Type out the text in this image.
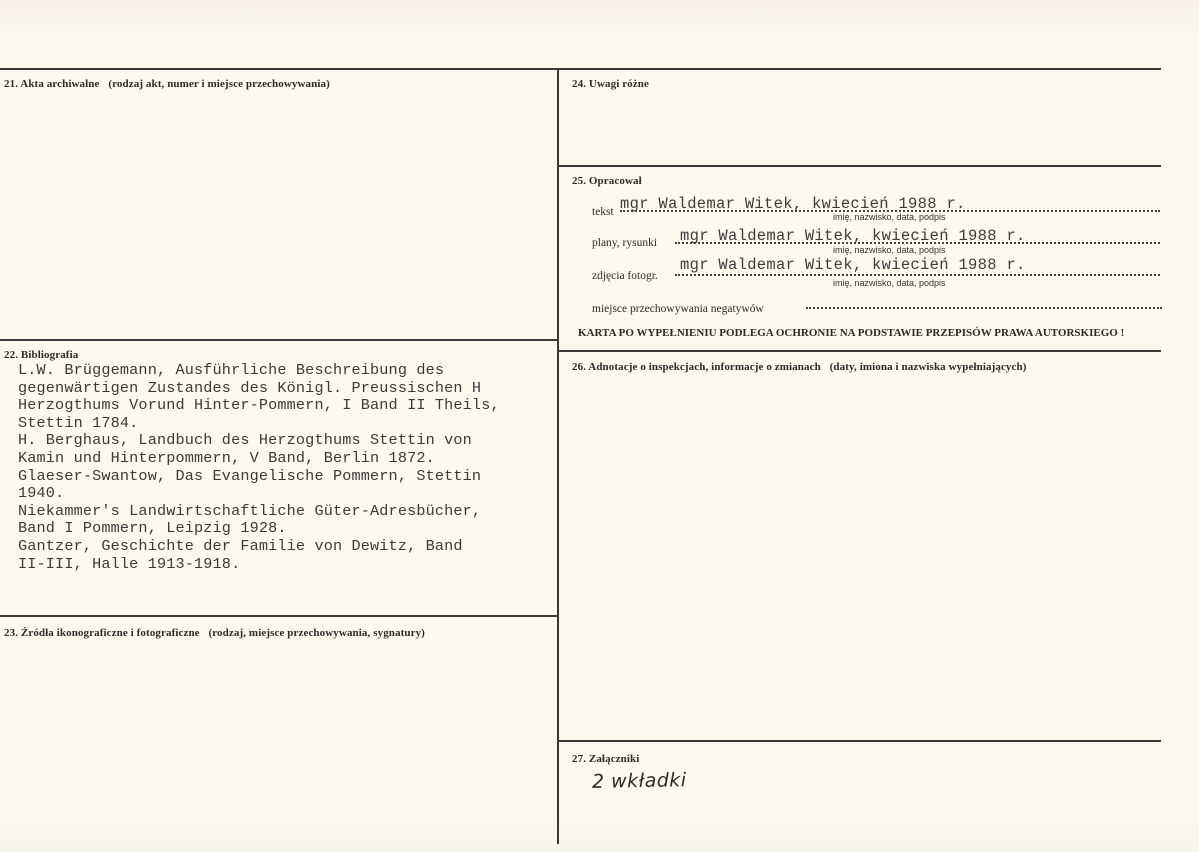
21. Akta archiwalne (rodzaj akt, numer i miejsce przechowywania)
22. Bibliografia
L.W. Brüggemann, Ausführliche Beschreibung des
gegenwärtigen Zustandes des Königl. Preussischen H
Herzogthums Vorund Hinter-Pommern, I Band II Theils,
Stettin 1784.
H. Berghaus, Landbuch des Herzogthums Stettin von
Kamin und Hinterpommern, V Band, Berlin 1872.
Glaeser-Swantow, Das Evangelische Pommern, Stettin
1940.
Niekammer's Landwirtschaftliche Güter-Adresbücher,
Band I Pommern, Leipzig 1928.
Gantzer, Geschichte der Familie von Dewitz, Band
II-III, Halle 1913-1918.
23. Źródła ikonograficzne i fotograficzne (rodzaj, miejsce przechowywania, sygnatury)
24. Uwagi różne
25. Opracował
tekst mgr Waldemar Witek, kwiecień 1988 r.
imię, nazwisko, data, podpis
plany, rysunki mgr Waldemar Witek, kwiecień 1988 r.
imię, nazwisko, data, podpis
zdjęcia fotogr.
mgr Waldemar Witek, kwiecień 1988 r.
imię, nazwisko, data, podpis
miejsce przechowywania negatywów
KARTA PO WYPEŁNIENIU PODLEGA OCHRONIE NA PODSTAWIE PRZEPISÓW PRAWA AUTORSKIEGO !
26. Adnotacje o inspekcjach, informacje o zmianach (daty, imiona i nazwiska wypełniających)
27. Załączniki
2 wkładki
